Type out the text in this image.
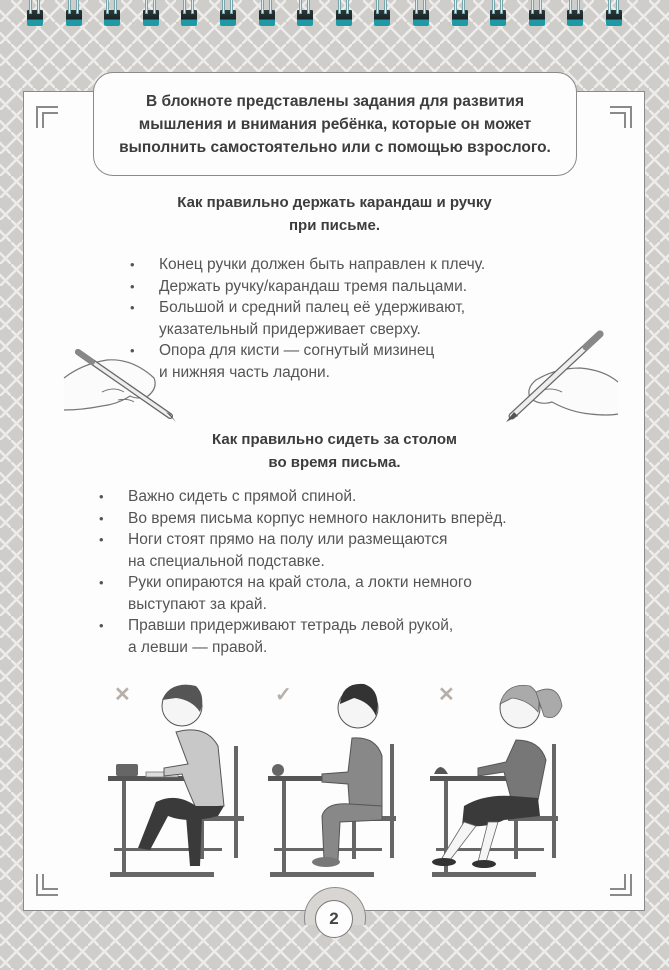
В блокноте представлены задания для развития мышления и внимания ребёнка, которые он может выполнить самостоятельно или с помощью взрослого.
Как правильно держать карандаш и ручку
при письме.
• Конец ручки должен быть направлен к плечу.
• Держать ручку/карандаш тремя пальцами.
• Большой и средний палец её удерживают,
указательный придерживает сверху.
• Опора для кисти — согнутый мизинец
и нижняя часть ладони.
Как правильно сидеть за столом
во время письма.
• Важно сидеть с прямой спиной.
• Во время письма корпус немного наклонить вперёд.
• Ноги стоят прямо на полу или размещаются
на специальной подставке.
• Руки опираются на край стола, а локти немного
выступают за край.
• Правши придерживают тетрадь левой рукой,
а левши — правой.
✕	✓	✕
2
